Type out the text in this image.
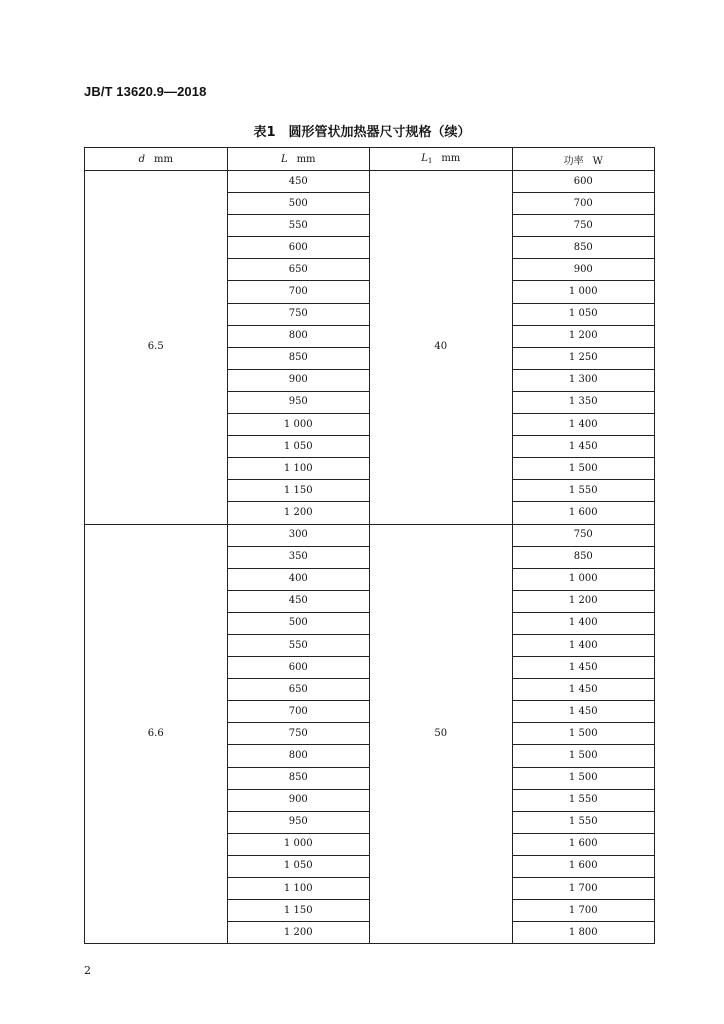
JB/T 13620.9—2018
表1　圆形管状加热器尺寸规格（续）
d mm	L mm	$L_1$ mm	功率 W
6.5	450	40	600
	500		700
	550		750
	600		850
	650		900
	700		1 000
	750		1 050
	800		1 200
	850		1 250
	900		1 300
	950		1 350
	1 000		1 400
	1 050		1 450
	1 100		1 500
	1 150		1 550
	1 200		1 600
6.6	300	50	750
	350		850
	400		1 000
	450		1 200
	500		1 400
	550		1 400
	600		1 450
	650		1 450
	700		1 450
	750		1 500
	800		1 500
	850		1 500
	900		1 550
	950		1 550
	1 000		1 600
	1 050		1 600
	1 100		1 700
	1 150		1 700
	1 200		1 800
2
